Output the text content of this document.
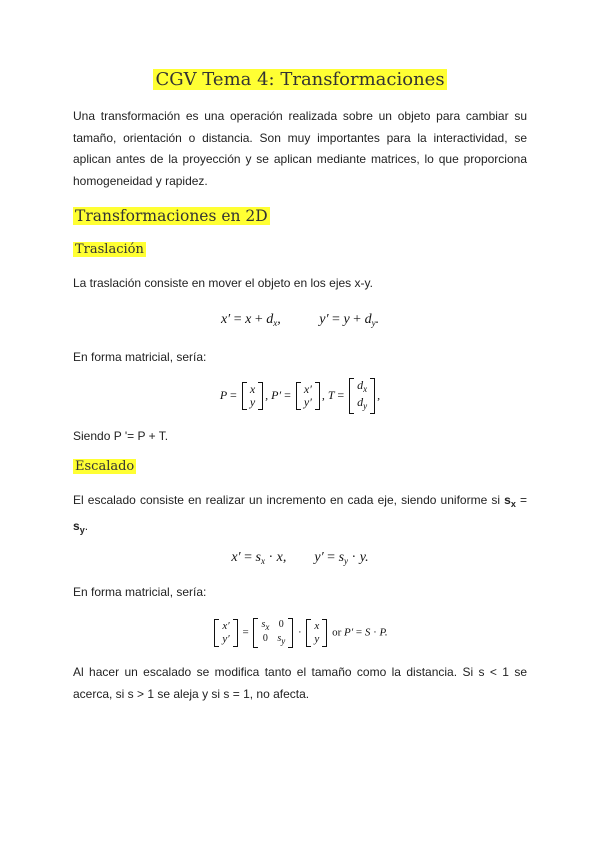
CGV Tema 4: Transformaciones
Una transformación es una operación realizada sobre un objeto para cambiar su tamaño, orientación o distancia. Son muy importantes para la interactividad, se aplican antes de la proyección y se aplican mediante matrices, lo que proporciona homogeneidad y rapidez.
Transformaciones en 2D
Traslación
La traslación consiste en mover el objeto en los ejes x-y.
$x' = x + d_x$,           $y' = y + d_y$.
En forma matricial, sería:
P = x
y
, P′ = x′
y′
, T =
$d_x$
$d_y$
,
Siendo P '= P + T.
Escalado
El escalado consiste en realizar un incremento en cada eje, siendo uniforme si $s_x = s_y$.
$x' = s_x \cdot x$,        $y' = s_y \cdot y$.
En forma matricial, sería:
x′
y′
=
sx 0
0 sy
·
x
y
or P′ = S · P.
Al hacer un escalado se modifica tanto el tamaño como la distancia. Si s < 1 se acerca, si s > 1 se aleja y si s = 1, no afecta.
